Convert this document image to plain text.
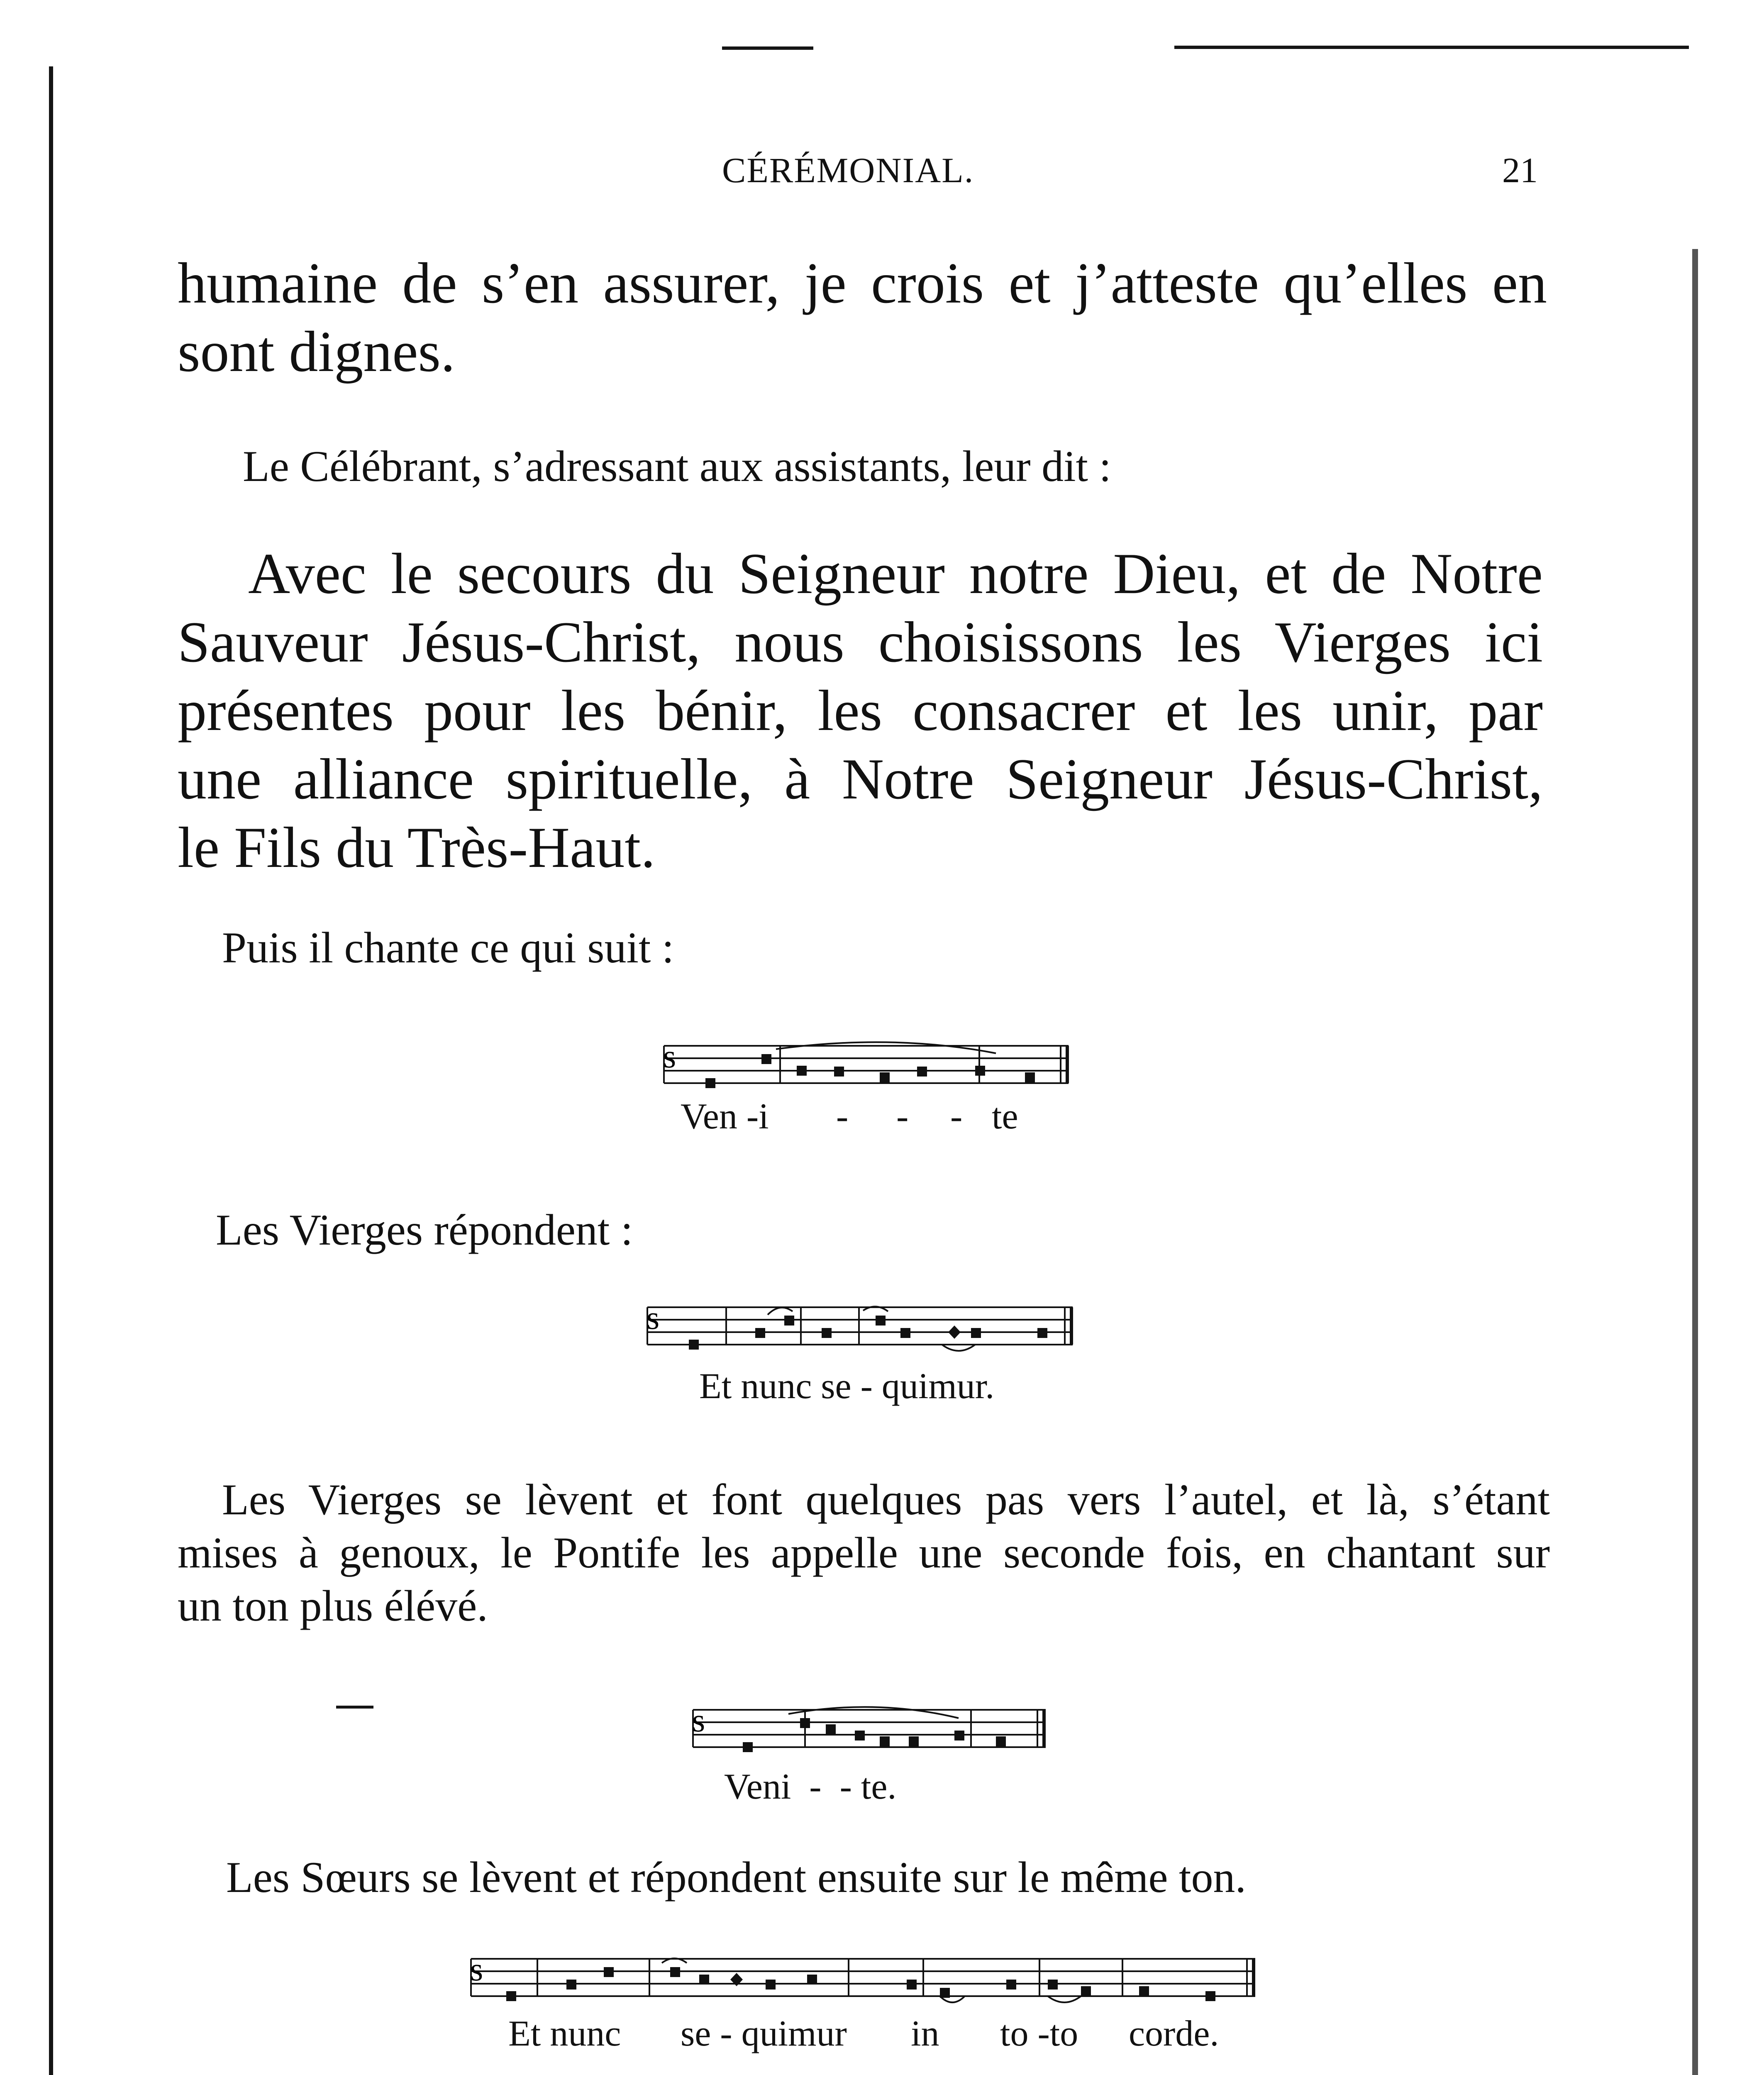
CÉRÉMONIAL.	21
humaine de s’en assurer, je crois et j’atteste qu’elles en
sont dignes.
Le Célébrant, s’adressant aux assistants, leur dit :
Avec le secours du Seigneur notre Dieu, et de Notre
Sauveur Jésus-Christ, nous choisissons les Vierges ici
présentes pour les bénir, les consacrer et les unir, par
une alliance spirituelle, à Notre Seigneur Jésus-Christ,
le Fils du Très-Haut.
Puis il chante ce qui suit :
s
Ven -i - - - te
Les Vierges répondent :
s
Et nunc se - quimur.
Les Vierges se lèvent et font quelques pas vers l’autel, et là, s’étant
mises à genoux, le Pontife les appelle une seconde fois, en chantant sur
un ton plus élévé.
s
Veni  -  - te.
Les Sœurs se lèvent et répondent ensuite sur le même ton.
s
Et nunc se - quimur in to -to corde.
